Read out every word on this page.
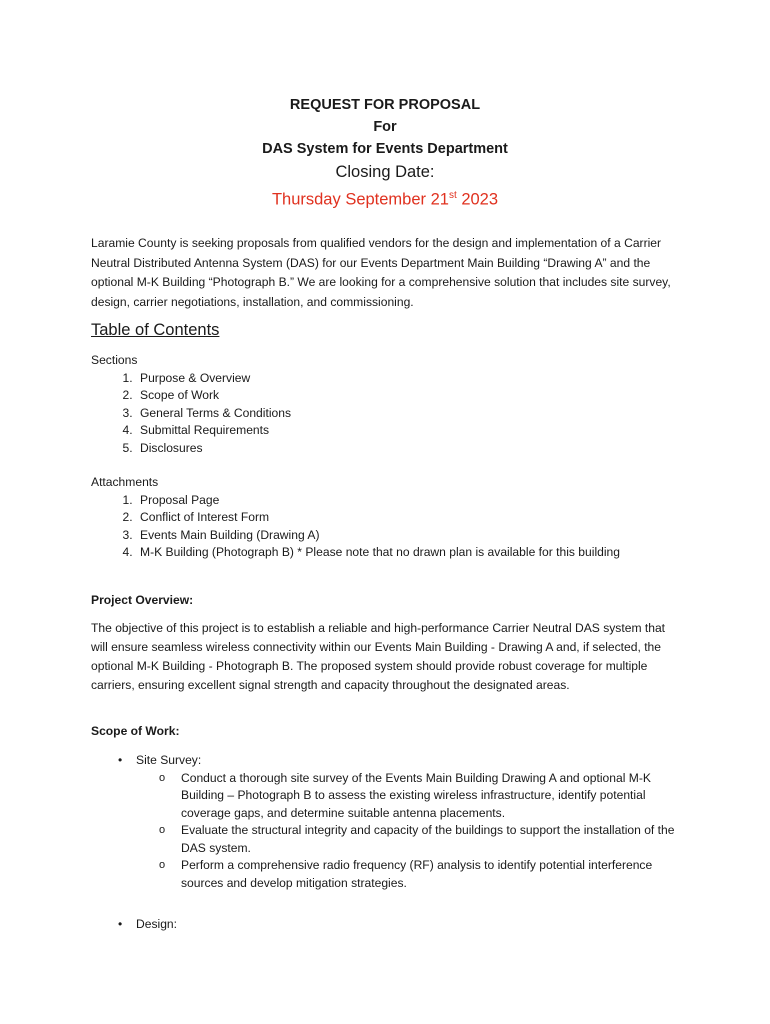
REQUEST FOR PROPOSAL
For
DAS System for Events Department
Closing Date:
Thursday September 21st 2023

Laramie County is seeking proposals from qualified vendors for the design and implementation of a Carrier Neutral Distributed Antenna System (DAS) for our Events Department Main Building “Drawing A” and the optional M-K Building “Photograph B.” We are looking for a comprehensive solution that includes site survey, design, carrier negotiations, installation, and commissioning.

Table of Contents
Sections
1. Purpose & Overview
2. Scope of Work
3. General Terms & Conditions
4. Submittal Requirements
5. Disclosures
Attachments
1. Proposal Page
2. Conflict of Interest Form
3. Events Main Building (Drawing A)
4. M-K Building (Photograph B) * Please note that no drawn plan is available for this building
Project Overview:

The objective of this project is to establish a reliable and high-performance Carrier Neutral DAS system that will ensure seamless wireless connectivity within our Events Main Building - Drawing A and, if selected, the optional M-K Building - Photograph B. The proposed system should provide robust coverage for multiple carriers, ensuring excellent signal strength and capacity throughout the designated areas.

Scope of Work:
• Site Survey:
o Conduct a thorough site survey of the Events Main Building Drawing A and optional M-K Building – Photograph B to assess the existing wireless infrastructure, identify potential coverage gaps, and determine suitable antenna placements.
o Evaluate the structural integrity and capacity of the buildings to support the installation of the DAS system.
o Perform a comprehensive radio frequency (RF) analysis to identify potential interference sources and develop mitigation strategies.
• Design:
